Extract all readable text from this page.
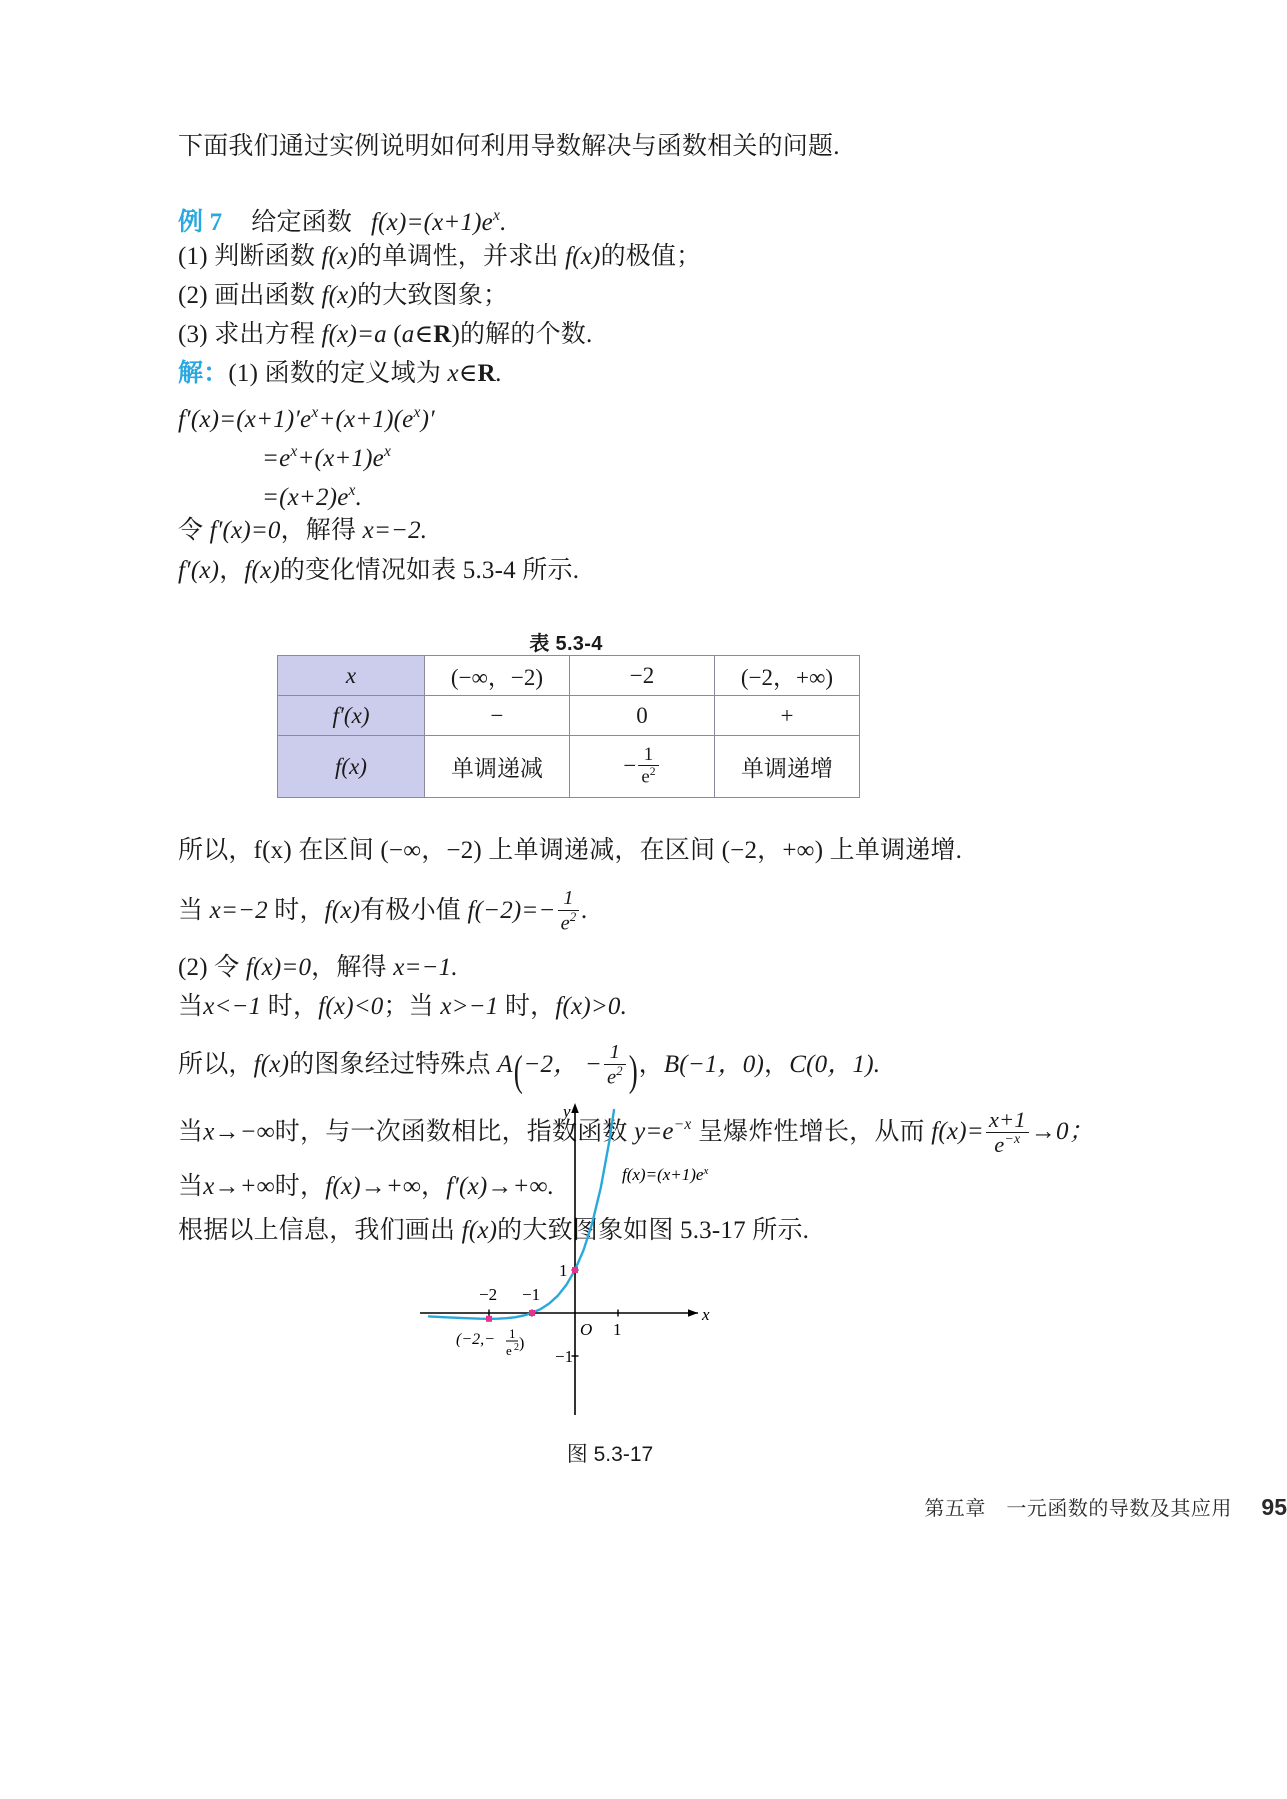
下面我们通过实例说明如何利用导数解决与函数相关的问题.
例 7 给定函数 $f(x)=(x+1)e^x$.
(1) 判断函数 f(x)的单调性，并求出 f(x)的极值；
(2) 画出函数 f(x)的大致图象；
(3) 求出方程 f(x)=a (a∈R)的解的个数.
解：(1) 函数的定义域为 x∈R.
$f'(x)=(x+1)'e^x+(x+1)(e^x)'$
$=e^x+(x+1)e^x$
$=(x+2)e^x$.
令 f′(x)=0，解得 x=−2.
f′(x)，f(x)的变化情况如表 5.3-4 所示.
表 5.3-4
x	(−∞，−2)	−2	(−2，+∞)
f′(x)	−	0	+
f(x)	单调递减	− $\frac{1}{e^2}$	单调递增
所以，f(x) 在区间 (−∞，−2) 上单调递减，在区间 (−2，+∞) 上单调递增.
当 x=−2 时，f(x)有极小值 $f(-2)=- \frac{1}{e^2}$ .
(2) 令 f(x)=0，解得 x=−1.
当x<−1 时，f(x)<0；当 x>−1 时，f(x)>0.
所以，f(x)的图象经过特殊点 A(−2， − $\frac{1}{e^2}$ )，B(−1，0)，C(0，1).
当x→−∞时，与一次函数相比，指数函数 $y=e^{-x}$ 呈爆炸性增长，从而 $f(x)= \frac{x+1}{e^{-x}} \to 0$；
当x→+∞时，f(x)→+∞，f′(x)→+∞.
根据以上信息，我们画出 f(x)的大致图象如图 5.3-17 所示.
y
x
O
−2 −1
1
1
−1
(−2,− 1
e 2 )
$f(x)=(x+1)e^x$
图 5.3-17
第五章　一元函数的导数及其应用 95
